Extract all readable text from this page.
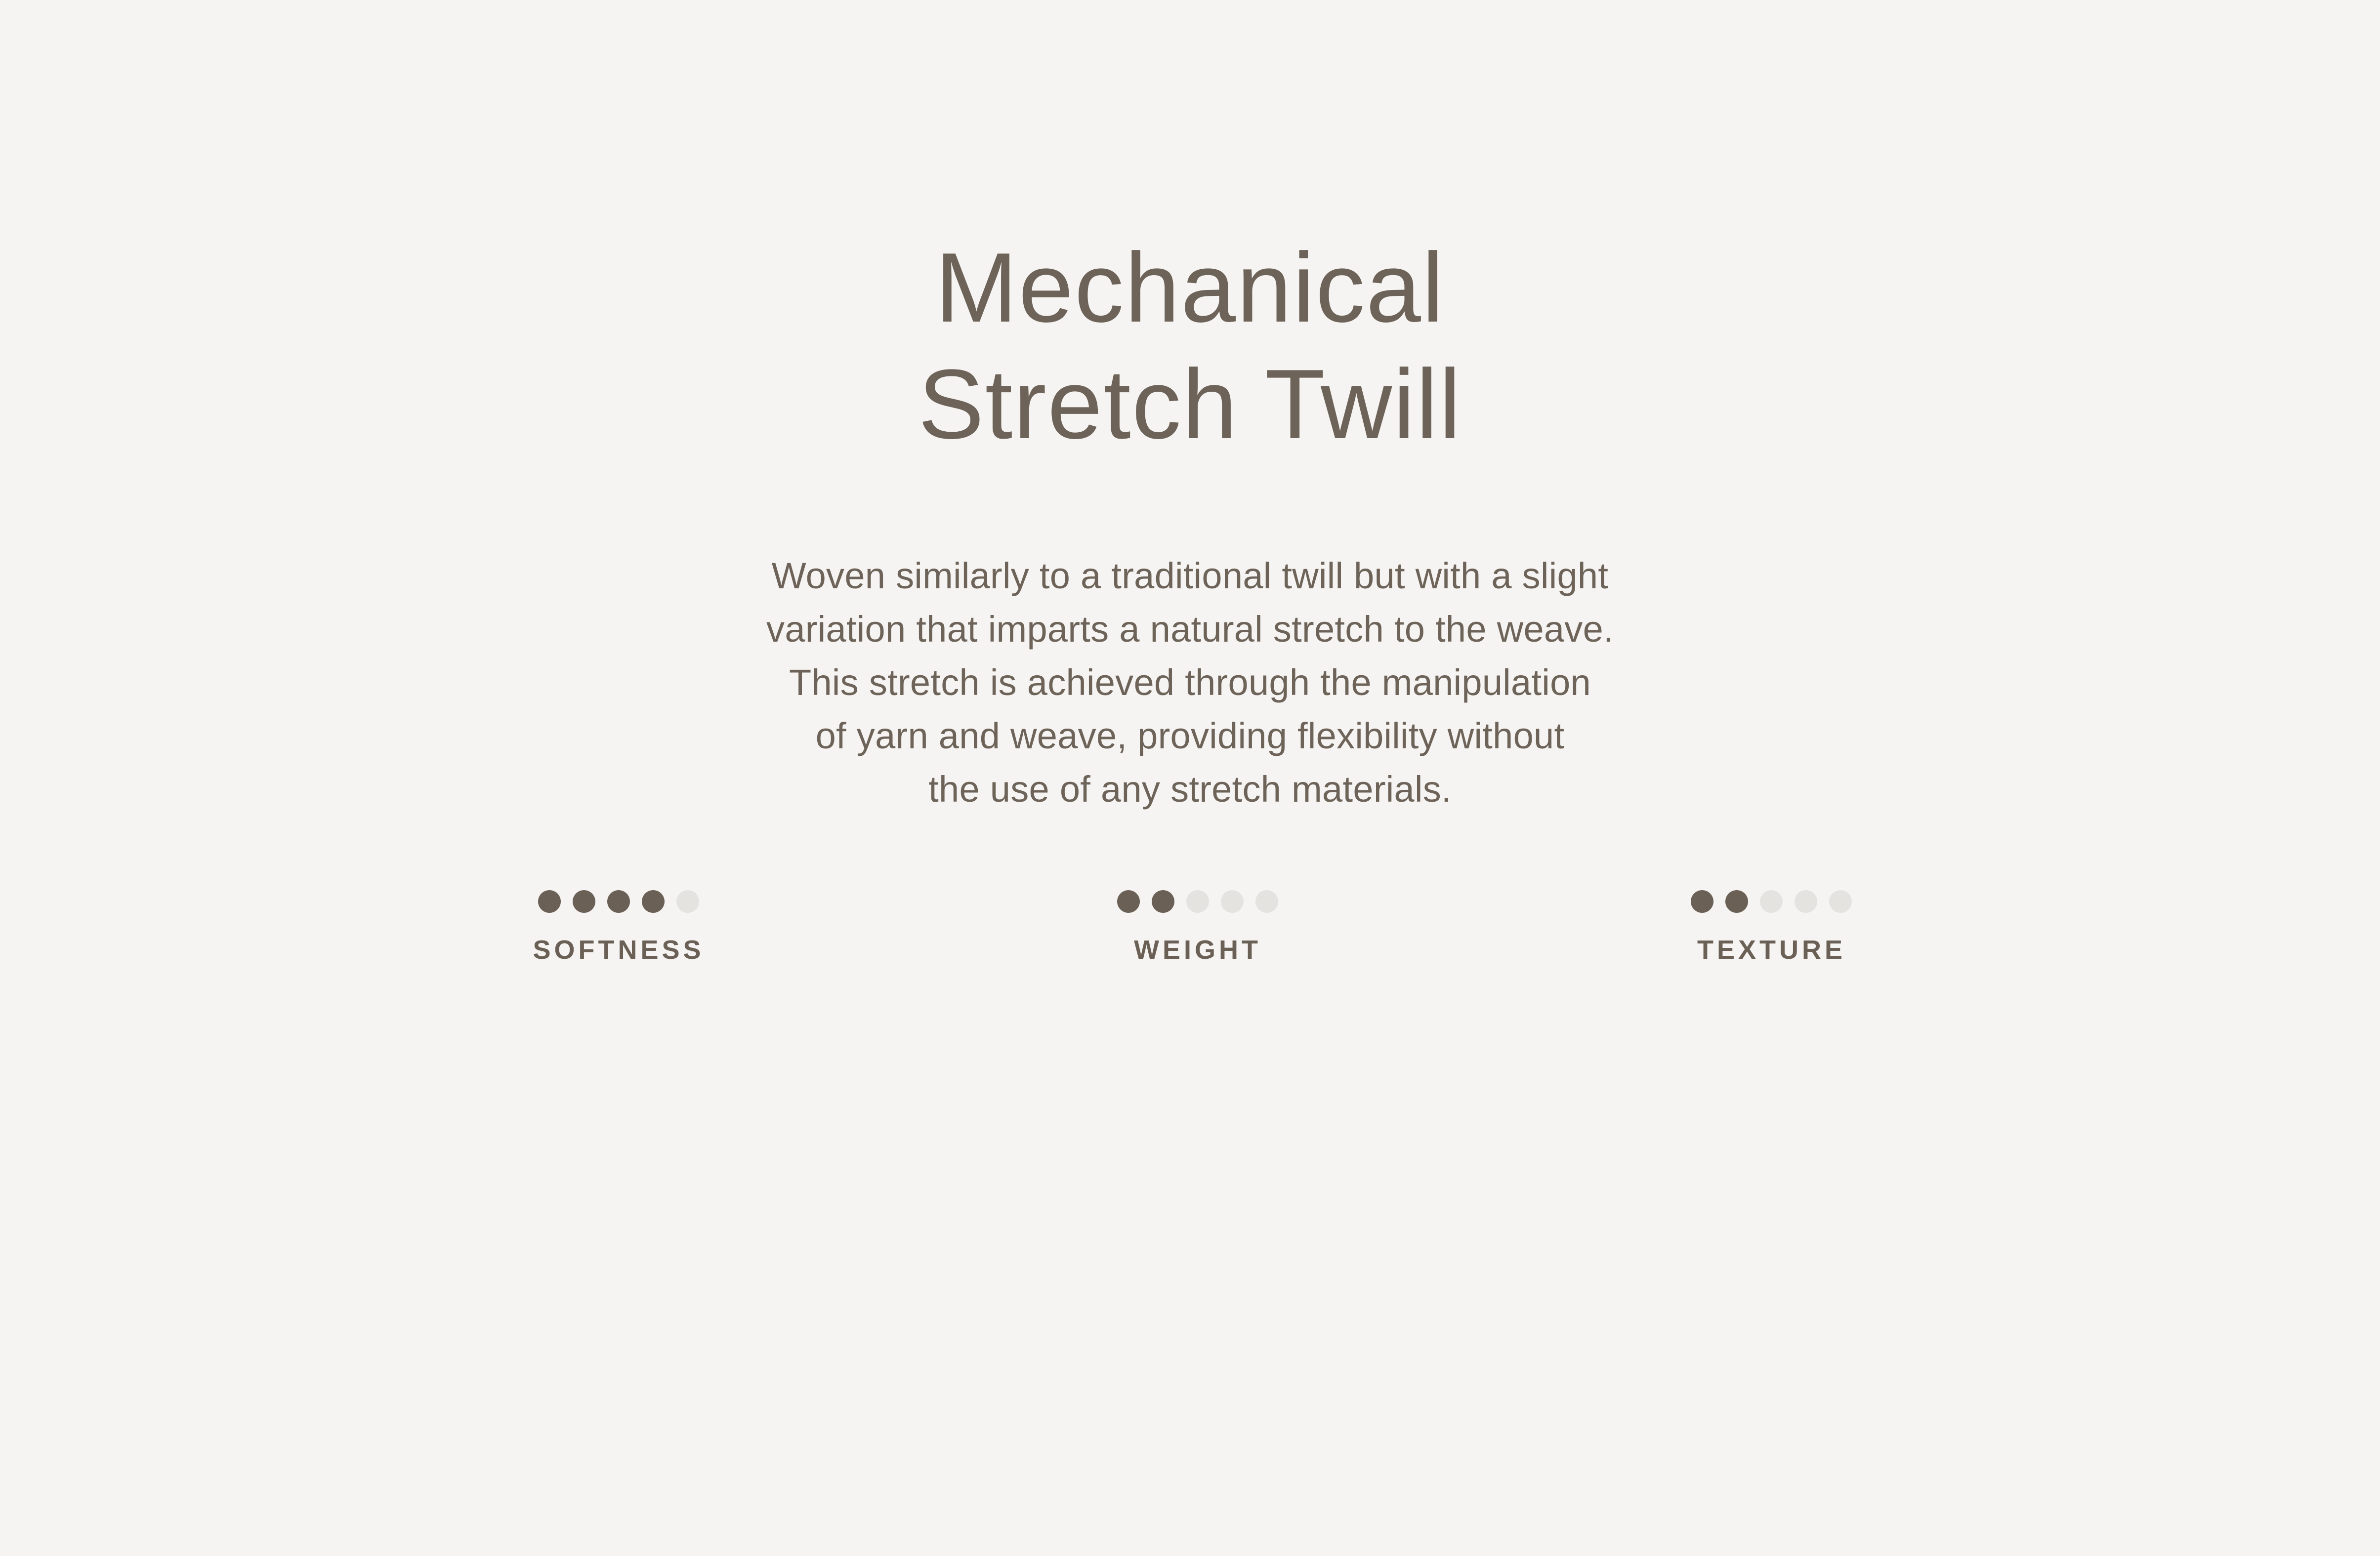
Mechanical
Stretch Twill
Woven similarly to a traditional twill but with a slight
variation that imparts a natural stretch to the weave.
This stretch is achieved through the manipulation
of yarn and weave, providing flexibility without
the use of any stretch materials.
SOFTNESS	WEIGHT	TEXTURE
